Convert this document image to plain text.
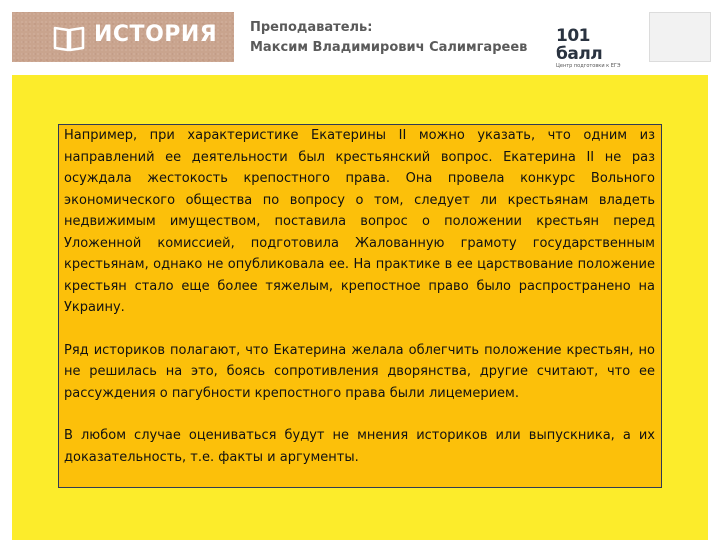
ИСТОРИЯ	Преподаватель:
Максим Владимирович Салимгареев
101 балл
Центр подготовки к ЕГЭ

Например, при характеристике Екатерины II можно указать, что одним из направлений ее деятельности был крестьянский вопрос. Екатерина II не раз осуждала жестокость крепостного права. Она провела конкурс Вольного экономического общества по вопросу о том, следует ли крестьянам владеть недвижимым имуществом, поставила вопрос о положении крестьян перед Уложенной комиссией, подготовила Жалованную грамоту государственным крестьянам, однако не опубликовала ее. На практике в ее царствование положение крестьян стало еще более тяжелым, крепостное право было распространено на Украину.

Ряд историков полагают, что Екатерина желала облегчить положение крестьян, но не решилась на это, боясь сопротивления дворянства, другие считают, что ее рассуждения о пагубности крепостного права были лицемерием.

В любом случае оцениваться будут не мнения историков или выпускника, а их доказательность, т.е. факты и аргументы.
